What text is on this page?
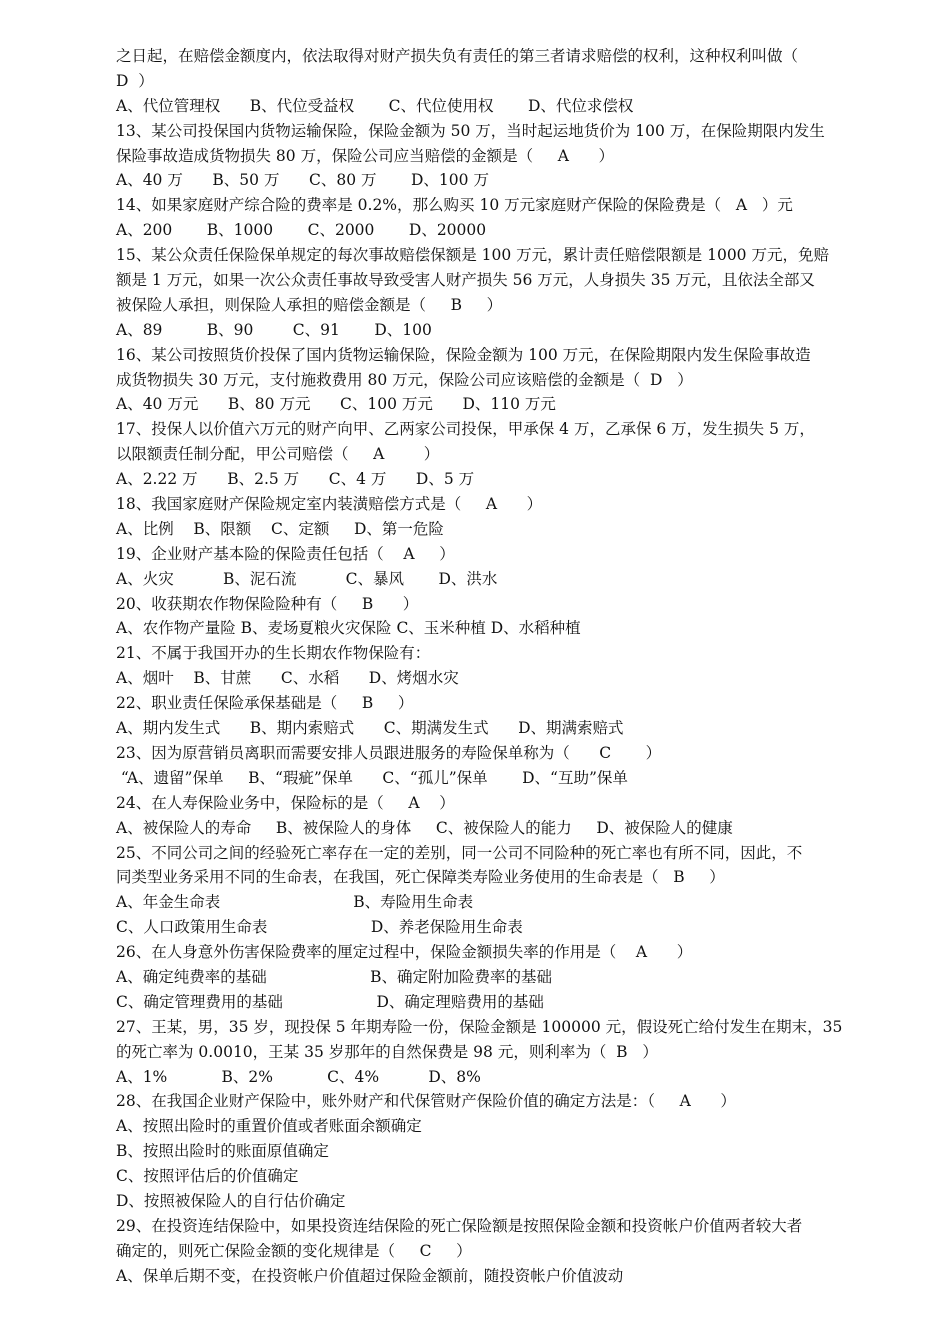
之日起，在赔偿金额度内，依法取得对财产损失负有责任的第三者请求赔偿的权利，这种权利叫做（
D  ）
A、代位管理权      B、代位受益权       C、代位使用权       D、代位求偿权
13、某公司投保国内货物运输保险，保险金额为 50 万，当时起运地货价为 100 万，在保险期限内发生
保险事故造成货物损失 80 万，保险公司应当赔偿的金额是（     A      ）
A、40 万      B、50 万      C、80 万       D、100 万
14、如果家庭财产综合险的费率是 0.2%，那么购买 10 万元家庭财产保险的保险费是（   A   ）元
A、200       B、1000       C、2000       D、20000
15、某公众责任保险保单规定的每次事故赔偿保额是 100 万元，累计责任赔偿限额是 1000 万元，免赔
额是 1 万元，如果一次公众责任事故导致受害人财产损失 56 万元，人身损失 35 万元，且依法全部又
被保险人承担，则保险人承担的赔偿金额是（     B     ）
A、89         B、90        C、91       D、100
16、某公司按照货价投保了国内货物运输保险，保险金额为 100 万元，在保险期限内发生保险事故造
成货物损失 30 万元，支付施救费用 80 万元，保险公司应该赔偿的金额是（  D   ）
A、40 万元      B、80 万元      C、100 万元      D、110 万元
17、投保人以价值六万元的财产向甲、乙两家公司投保，甲承保 4 万，乙承保 6 万，发生损失 5 万，
以限额责任制分配，甲公司赔偿（     A        ）
A、2.22 万      B、2.5 万      C、4 万      D、5 万
18、我国家庭财产保险规定室内装潢赔偿方式是（     A      ）
A、比例    B、限额    C、定额     D、第一危险
19、企业财产基本险的保险责任包括（    A     ）
A、火灾          B、泥石流          C、暴风       D、洪水
20、收获期农作物保险险种有（     B      ）
A、农作物产量险 B、麦场夏粮火灾保险 C、玉米种植 D、水稻种植
21、不属于我国开办的生长期农作物保险有：
A、烟叶    B、甘蔗      C、水稻      D、烤烟水灾
22、职业责任保险承保基础是（     B     ）
A、期内发生式      B、期内索赔式      C、期满发生式      D、期满索赔式
23、因为原营销员离职而需要安排人员跟进服务的寿险保单称为（      C       ）
“A、遗留”保单     B、“瑕疵”保单      C、“孤儿”保单       D、“互助”保单
24、在人寿保险业务中，保险标的是（     A    ）
A、被保险人的寿命     B、被保险人的身体     C、被保险人的能力     D、被保险人的健康
25、不同公司之间的经验死亡率存在一定的差别，同一公司不同险种的死亡率也有所不同，因此，不
同类型业务采用不同的生命表，在我国，死亡保障类寿险业务使用的生命表是（   B     ）
A、年金生命表                           B、寿险用生命表
C、人口政策用生命表                     D、养老保险用生命表
26、在人身意外伤害保险费率的厘定过程中，保险金额损失率的作用是（    A      ）
A、确定纯费率的基础                     B、确定附加险费率的基础
C、确定管理费用的基础                   D、确定理赔费用的基础
27、王某，男，35 岁，现投保 5 年期寿险一份，保险金额是 100000 元，假设死亡给付发生在期末，35
的死亡率为 0.0010，王某 35 岁那年的自然保费是 98 元，则利率为（  B   ）
A、1%           B、2%           C、4%          D、8%
28、在我国企业财产保险中，账外财产和代保管财产保险价值的确定方法是：（     A      ）
A、按照出险时的重置价值或者账面余额确定
B、按照出险时的账面原值确定
C、按照评估后的价值确定
D、按照被保险人的自行估价确定
29、在投资连结保险中，如果投资连结保险的死亡保险额是按照保险金额和投资帐户价值两者较大者
确定的，则死亡保险金额的变化规律是（     C     ）
A、保单后期不变，在投资帐户价值超过保险金额前，随投资帐户价值波动
